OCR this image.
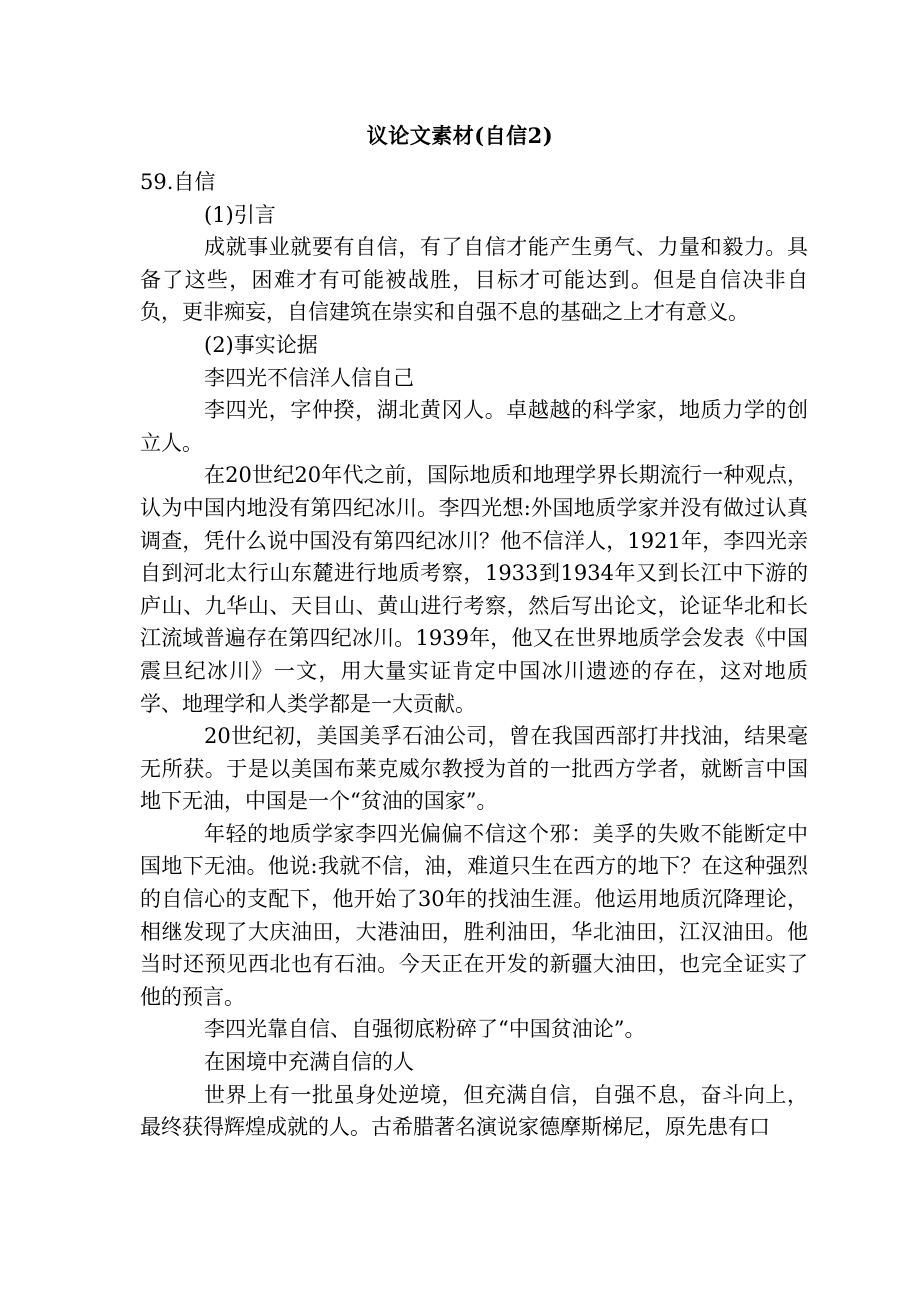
议论文素材(自信2)

59.自信

(1)引言

成就事业就要有自信，有了自信才能产生勇气、力量和毅力。具备了这些，困难才有可能被战胜，目标才可能达到。但是自信决非自负，更非痴妄，自信建筑在崇实和自强不息的基础之上才有意义。

(2)事实论据

李四光不信洋人信自己

李四光，字仲揆，湖北黄冈人。卓越越的科学家，地质力学的创立人。

在20世纪20年代之前，国际地质和地理学界长期流行一种观点，认为中国内地没有第四纪冰川。李四光想:外国地质学家并没有做过认真调查，凭什么说中国没有第四纪冰川？他不信洋人，1921年，李四光亲自到河北太行山东麓进行地质考察，1933到1934年又到长江中下游的庐山、九华山、天目山、黄山进行考察，然后写出论文，论证华北和长江流域普遍存在第四纪冰川。1939年，他又在世界地质学会发表《中国震旦纪冰川》一文，用大量实证肯定中国冰川遗迹的存在，这对地质学、地理学和人类学都是一大贡献。

20世纪初，美国美孚石油公司，曾在我国西部打井找油，结果毫无所获。于是以美国布莱克威尔教授为首的一批西方学者，就断言中国地下无油，中国是一个“贫油的国家”。

年轻的地质学家李四光偏偏不信这个邪：美孚的失败不能断定中国地下无油。他说:我就不信，油，难道只生在西方的地下？在这种强烈的自信心的支配下，他开始了30年的找油生涯。他运用地质沉降理论，相继发现了大庆油田，大港油田，胜利油田，华北油田，江汉油田。他当时还预见西北也有石油。今天正在开发的新疆大油田，也完全证实了他的预言。

李四光靠自信、自强彻底粉碎了“中国贫油论”。

在困境中充满自信的人

世界上有一批虽身处逆境，但充满自信，自强不息，奋斗向上，最终获得辉煌成就的人。古希腊著名演说家德摩斯梯尼，原先患有口
